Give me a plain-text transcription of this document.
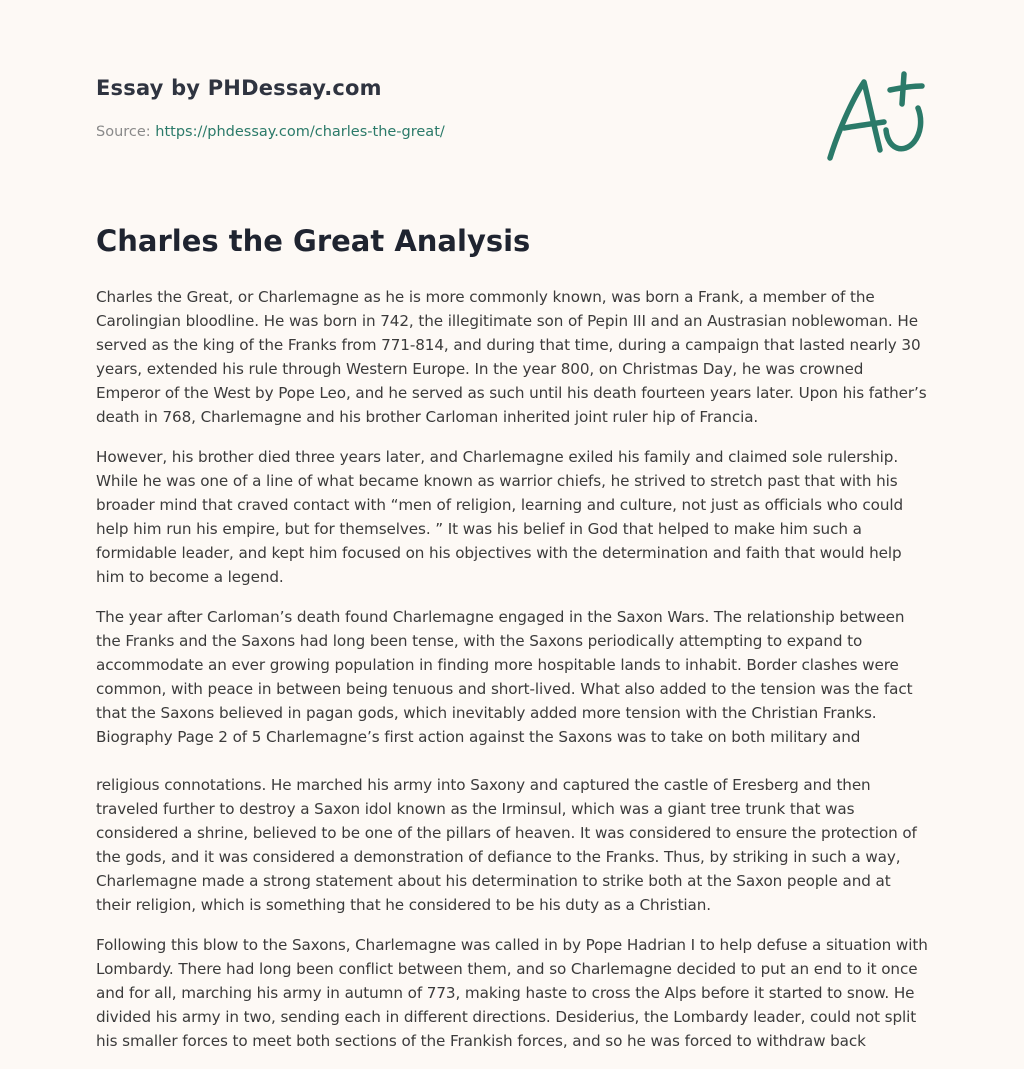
Essay by PHDessay.com
Source: https://phdessay.com/charles-the-great/
Charles the Great Analysis

Charles the Great, or Charlemagne as he is more commonly known, was born a Frank, a member of the Carolingian bloodline. He was born in 742, the illegitimate son of Pepin III and an Austrasian noblewoman. He served as the king of the Franks from 771-814, and during that time, during a campaign that lasted nearly 30 years, extended his rule through Western Europe. In the year 800, on Christmas Day, he was crowned Emperor of the West by Pope Leo, and he served as such until his death fourteen years later. Upon his father’s death in 768, Charlemagne and his brother Carloman inherited joint ruler hip of Francia.

However, his brother died three years later, and Charlemagne exiled his family and claimed sole rulership. While he was one of a line of what became known as warrior chiefs, he strived to stretch past that with his broader mind that craved contact with “men of religion, learning and culture, not just as officials who could help him run his empire, but for themselves. ” It was his belief in God that helped to make him such a formidable leader, and kept him focused on his objectives with the determination and faith that would help him to become a legend.

The year after Carloman’s death found Charlemagne engaged in the Saxon Wars. The relationship between the Franks and the Saxons had long been tense, with the Saxons periodically attempting to expand to accommodate an ever growing population in finding more hospitable lands to inhabit. Border clashes were common, with peace in between being tenuous and short-lived. What also added to the tension was the fact that the Saxons believed in pagan gods, which inevitably added more tension with the Christian Franks. Biography Page 2 of 5 Charlemagne’s first action against the Saxons was to take on both military and

religious connotations. He marched his army into Saxony and captured the castle of Eresberg and then traveled further to destroy a Saxon idol known as the Irminsul, which was a giant tree trunk that was considered a shrine, believed to be one of the pillars of heaven. It was considered to ensure the protection of the gods, and it was considered a demonstration of defiance to the Franks. Thus, by striking in such a way, Charlemagne made a strong statement about his determination to strike both at the Saxon people and at their religion, which is something that he considered to be his duty as a Christian.

Following this blow to the Saxons, Charlemagne was called in by Pope Hadrian I to help defuse a situation with Lombardy. There had long been conflict between them, and so Charlemagne decided to put an end to it once and for all, marching his army in autumn of 773, making haste to cross the Alps before it started to snow. He divided his army in two, sending each in different directions. Desiderius, the Lombardy leader, could not split his smaller forces to meet both sections of the Frankish forces, and so he was forced to withdraw back
